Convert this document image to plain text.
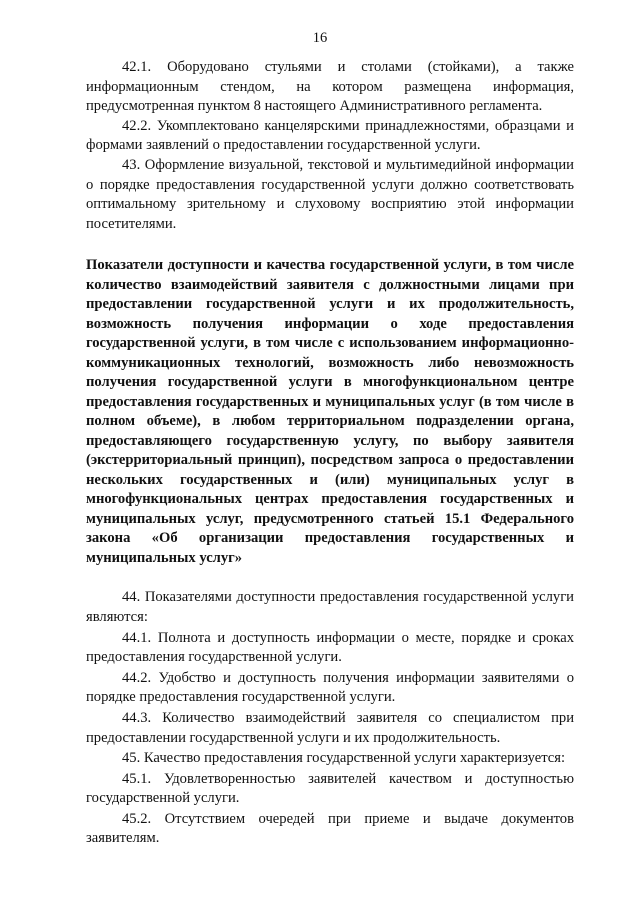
16

42.1. Оборудовано стульями и столами (стойками), а также информационным стендом, на котором размещена информация, предусмотренная пунктом 8 настоящего Административного регламента.

42.2. Укомплектовано канцелярскими принадлежностями, образцами и формами заявлений о предоставлении государственной услуги.

43. Оформление визуальной, текстовой и мультимедийной информации о порядке предоставления государственной услуги должно соответствовать оптимальному зрительному и слуховому восприятию этой информации посетителями.

Показатели доступности и качества государственной услуги, в том числе количество взаимодействий заявителя с должностными лицами при предоставлении государственной услуги и их продолжительность, возможность получения информации о ходе предоставления государственной услуги, в том числе с использованием информационно-коммуникационных технологий, возможность либо невозможность получения государственной услуги в многофункциональном центре предоставления государственных и муниципальных услуг (в том числе в полном объеме), в любом территориальном подразделении органа, предоставляющего государственную услугу, по выбору заявителя (экстерриториальный принцип), посредством запроса о предоставлении нескольких государственных и (или) муниципальных услуг в многофункциональных центрах предоставления государственных и муниципальных услуг, предусмотренного статьей 15.1 Федерального закона «Об организации предоставления государственных и муниципальных услуг»

44. Показателями доступности предоставления государственной услуги являются:

44.1. Полнота и доступность информации о месте, порядке и сроках предоставления государственной услуги.

44.2. Удобство и доступность получения информации заявителями о порядке предоставления государственной услуги.

44.3. Количество взаимодействий заявителя со специалистом при предоставлении государственной услуги и их продолжительность.

45. Качество предоставления государственной услуги характеризуется:

45.1. Удовлетворенностью заявителей качеством и доступностью государственной услуги.

45.2. Отсутствием очередей при приеме и выдаче документов заявителям.
